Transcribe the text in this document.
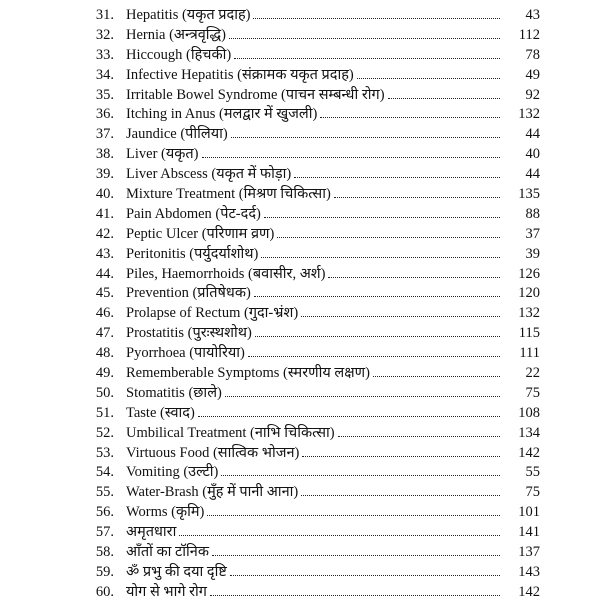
31. Hepatitis (यकृत प्रदाह)	43
32. Hernia (अन्त्रवृद्धि)	112
33. Hiccough (हिचकी)	78
34. Infective Hepatitis (संक्रामक यकृत प्रदाह)	49
35. Irritable Bowel Syndrome (पाचन सम्बन्धी रोग)	92
36. Itching in Anus (मलद्वार में खुजली)	132
37. Jaundice (पीलिया)	44
38. Liver (यकृत)	40
39. Liver Abscess (यकृत में फोड़ा)	44
40. Mixture Treatment (मिश्रण चिकित्सा)	135
41. Pain Abdomen (पेट-दर्द)	88
42. Peptic Ulcer (परिणाम व्रण)	37
43. Peritonitis (पर्युदर्याशोथ)	39
44. Piles, Haemorrhoids (बवासीर, अर्श)	126
45. Prevention (प्रतिषेधक)	120
46. Prolapse of Rectum (गुदा-भ्रंश)	132
47. Prostatitis (पुरःस्थशोथ)	115
48. Pyorrhoea (पायोरिया)	111
49. Rememberable Symptoms (स्मरणीय लक्षण)	22
50. Stomatitis (छाले)	75
51. Taste (स्वाद)	108
52. Umbilical Treatment (नाभि चिकित्सा)	134
53. Virtuous Food (सात्विक भोजन)	142
54. Vomiting (उल्टी)	55
55. Water-Brash (मुँह में पानी आना)	75
56. Worms (कृमि)	101
57. अमृतधारा	141
58. आँतों का टॉनिक	137
59. ॐ प्रभु की दया दृष्टि	143
60. योग से भागे रोग	142
